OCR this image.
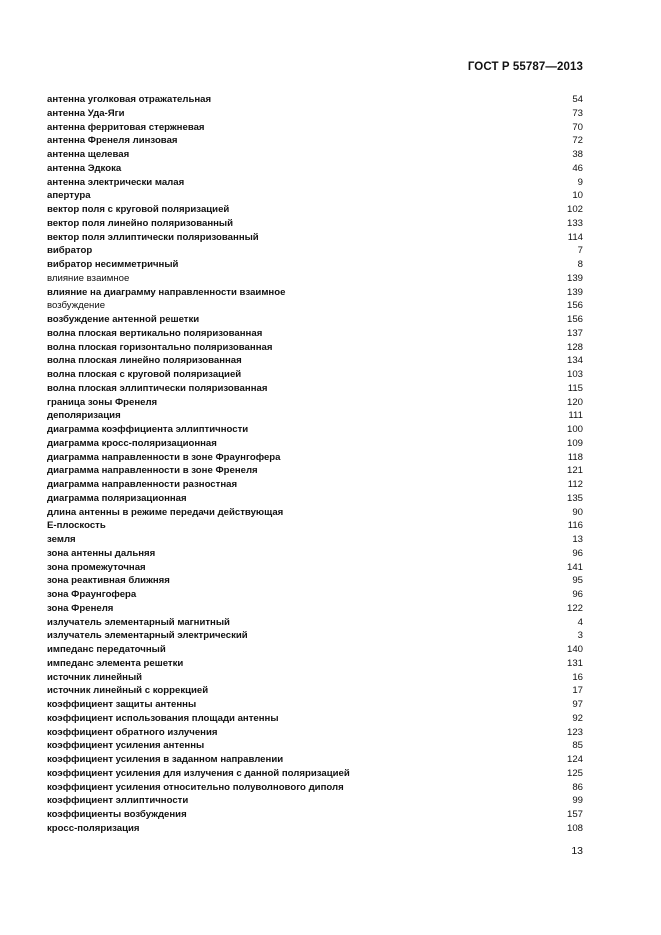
ГОСТ Р 55787—2013
антенна уголковая отражательная	54
антенна Уда-Яги	73
антенна ферритовая стержневая	70
антенна Френеля линзовая	72
антенна щелевая	38
антенна Эдкока	46
антенна электрически малая	9
апертура	10
вектор поля с круговой поляризацией	102
вектор поля линейно поляризованный	133
вектор поля эллиптически поляризованный	114
вибратор	7
вибратор несимметричный	8
влияние взаимное	139
влияние на диаграмму направленности взаимное	139
возбуждение	156
возбуждение антенной решетки	156
волна плоская вертикально поляризованная	137
волна плоская горизонтально поляризованная	128
волна плоская линейно поляризованная	134
волна плоская с круговой поляризацией	103
волна плоская эллиптически поляризованная	115
граница зоны Френеля	120
деполяризация	111
диаграмма коэффициента эллиптичности	100
диаграмма кросс-поляризационная	109
диаграмма направленности в зоне Фраунгофера	118
диаграмма направленности в зоне Френеля	121
диаграмма направленности разностная	112
диаграмма поляризационная	135
длина антенны в режиме передачи действующая	90
Е-плоскость	116
земля	13
зона антенны дальняя	96
зона промежуточная	141
зона реактивная ближняя	95
зона Фраунгофера	96
зона Френеля	122
излучатель элементарный магнитный	4
излучатель элементарный электрический	3
импеданс передаточный	140
импеданс элемента решетки	131
источник линейный	16
источник линейный с коррекцией	17
коэффициент защиты антенны	97
коэффициент использования площади антенны	92
коэффициент обратного излучения	123
коэффициент усиления антенны	85
коэффициент усиления в заданном направлении	124
коэффициент усиления для излучения с данной поляризацией	125
коэффициент усиления относительно полуволнового диполя	86
коэффициент эллиптичности	99
коэффициенты возбуждения	157
кросс-поляризация	108
13
